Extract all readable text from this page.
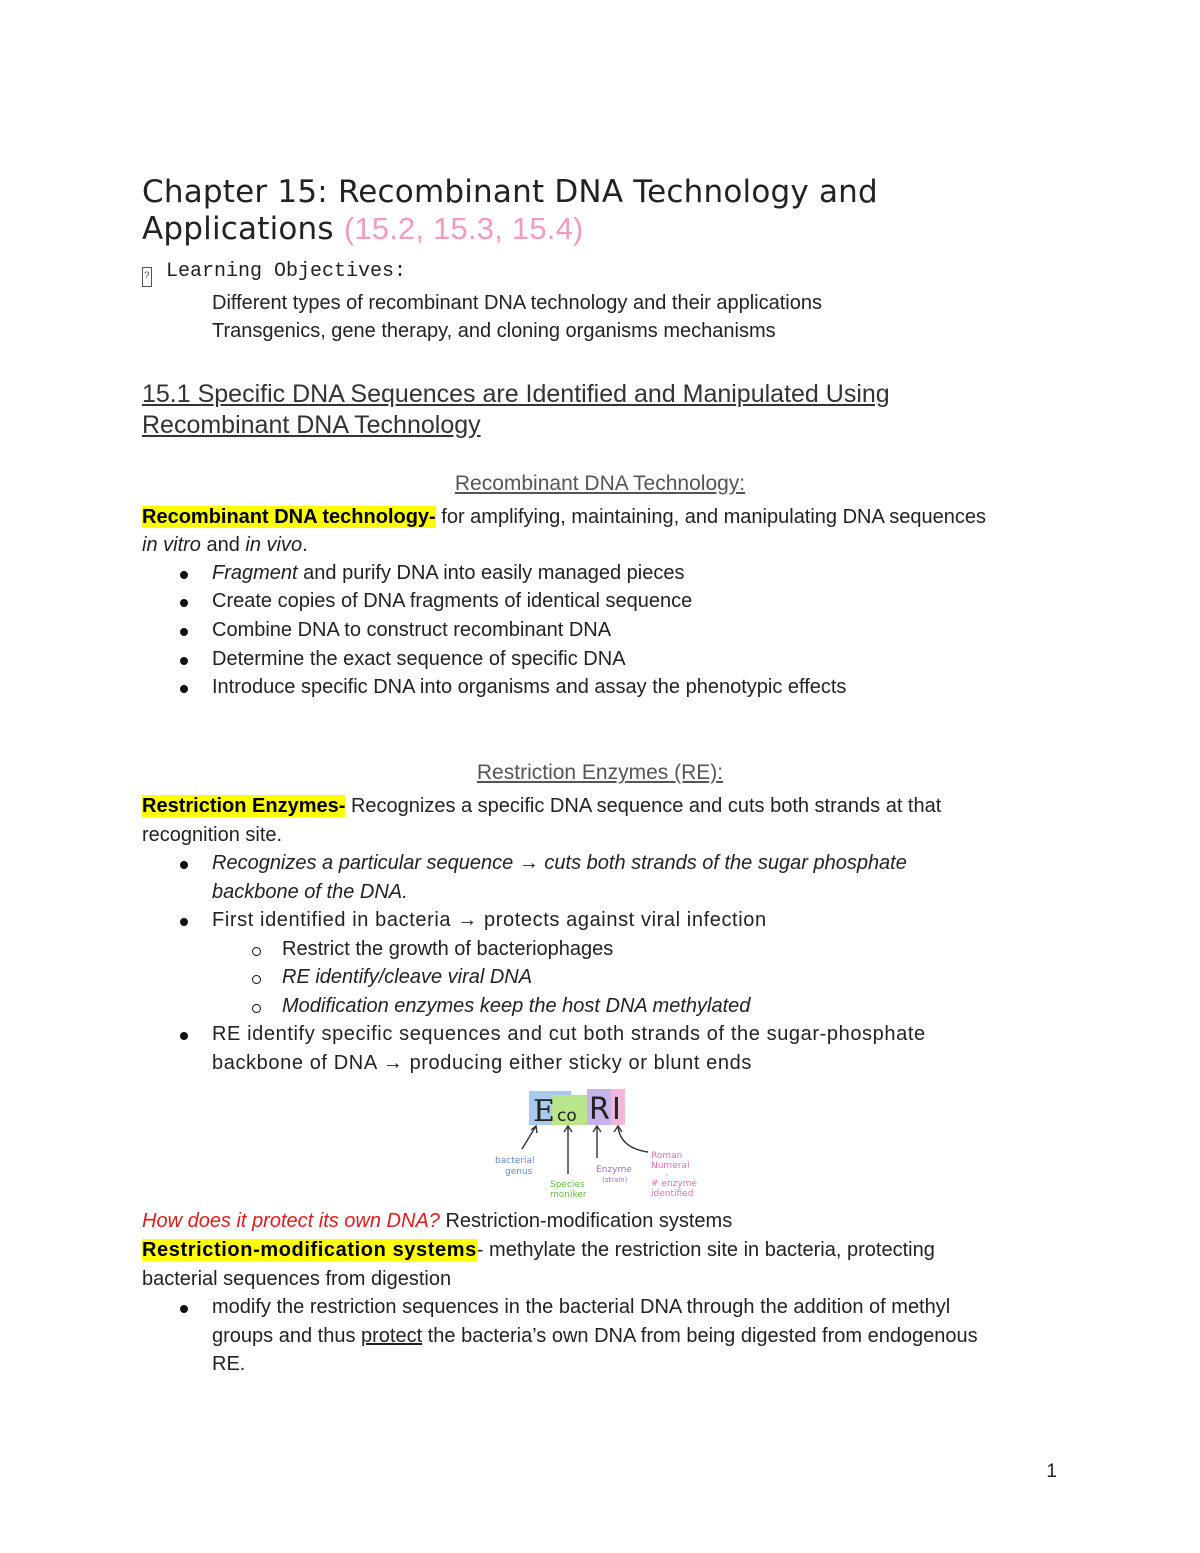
Chapter 15: Recombinant DNA Technology and
Applications (15.2, 15.3, 15.4)
? Learning Objectives:
Different types of recombinant DNA technology and their applications
Transgenics, gene therapy, and cloning organisms mechanisms
15.1 Specific DNA Sequences are Identified and Manipulated Using
Recombinant DNA Technology
Recombinant DNA Technology:
Recombinant DNA technology- for amplifying, maintaining, and manipulating DNA sequences
in vitro and in vivo.
Fragment and purify DNA into easily managed pieces
Create copies of DNA fragments of identical sequence
Combine DNA to construct recombinant DNA
Determine the exact sequence of specific DNA
Introduce specific DNA into organisms and assay the phenotypic effects
Restriction Enzymes (RE):
Restriction Enzymes- Recognizes a specific DNA sequence and cuts both strands at that
recognition site.
Recognizes a particular sequence → cuts both strands of the sugar phosphate
backbone of the DNA.
First identified in bacteria → protects against viral infection
Restrict the growth of bacteriophages
RE identify/cleave viral DNA
Modification enzymes keep the host DNA methylated
RE identify specific sequences and cut both strands of the sugar-phosphate
backbone of DNA → producing either sticky or blunt ends
E co R I
bacterial
genus
Species
moniker
Enzyme
(strain)
Roman
Numeral
-
# enzyme
identified
How does it protect its own DNA? Restriction-modification systems
Restriction-modification systems- methylate the restriction site in bacteria, protecting
bacterial sequences from digestion
modify the restriction sequences in the bacterial DNA through the addition of methyl
groups and thus protect the bacteria’s own DNA from being digested from endogenous
RE.
1
